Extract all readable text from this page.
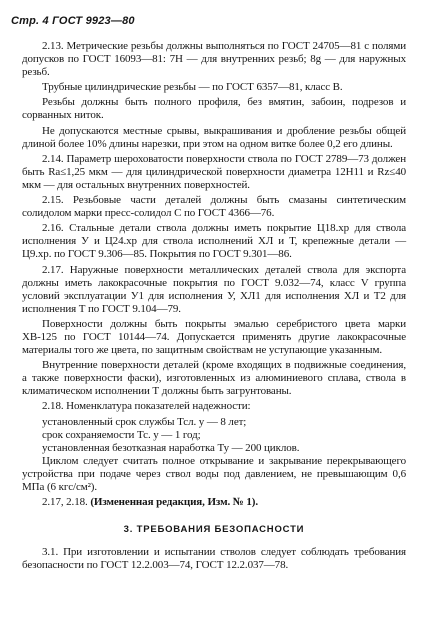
Стр. 4 ГОСТ 9923—80

2.13. Метрические резьбы должны выполняться по ГОСТ 24705—81 с полями допусков по ГОСТ 16093—81: 7Н — для внутренних резьб; 8g — для наружных резьб.

Трубные цилиндрические резьбы — по ГОСТ 6357—81, класс В.

Резьбы должны быть полного профиля, без вмятин, забоин, подрезов и сорванных ниток.

Не допускаются местные срывы, выкрашивания и дробление резьбы общей длиной более 10% длины нарезки, при этом на одном витке более 0,2 его длины.

2.14. Параметр шероховатости поверхности ствола по ГОСТ 2789—73 должен быть Ra≤1,25 мкм — для цилиндрической поверхности диаметра 12Н11 и Rz≤40 мкм — для остальных внутренних поверхностей.

2.15. Резьбовые части деталей должны быть смазаны синтетическим солидолом марки пресс-солидол С по ГОСТ 4366—76.

2.16. Стальные детали ствола должны иметь покрытие Ц18.хр для ствола исполнения У и Ц24.хр для ствола исполнений ХЛ и Т, крепежные детали — Ц9.хр. по ГОСТ 9.306—85. Покрытия по ГОСТ 9.301—86.

2.17. Наружные поверхности металлических деталей ствола для экспорта должны иметь лакокрасочные покрытия по ГОСТ 9.032—74, класс V группа условий эксплуатации У1 для исполнения У, ХЛ1 для исполнения ХЛ и Т2 для исполнения Т по ГОСТ 9.104—79.

Поверхности должны быть покрыты эмалью серебристого цвета марки ХВ-125 по ГОСТ 10144—74. Допускается применять другие лакокрасочные материалы того же цвета, по защитным свойствам не уступающие указанным.

Внутренние поверхности деталей (кроме входящих в подвижные соединения, а также поверхности фаски), изготовленных из алюминиевого сплава, ствола в климатическом исполнении Т должны быть загрунтованы.

2.18. Номенклатура показателей надежности:

установленный срок службы Тсл. у — 8 лет;

срок сохраняемости Тс. у — 1 год;

установленная безотказная наработка Ту — 200 циклов.

Циклом следует считать полное открывание и закрывание перекрывающего устройства при подаче через ствол воды под давлением, не превышающим 0,6 МПа (6 кгс/см²).

2.17, 2.18. (Измененная редакция, Изм. № 1).

3. ТРЕБОВАНИЯ БЕЗОПАСНОСТИ

3.1. При изготовлении и испытании стволов следует соблюдать требования безопасности по ГОСТ 12.2.003—74, ГОСТ 12.2.037—78.
